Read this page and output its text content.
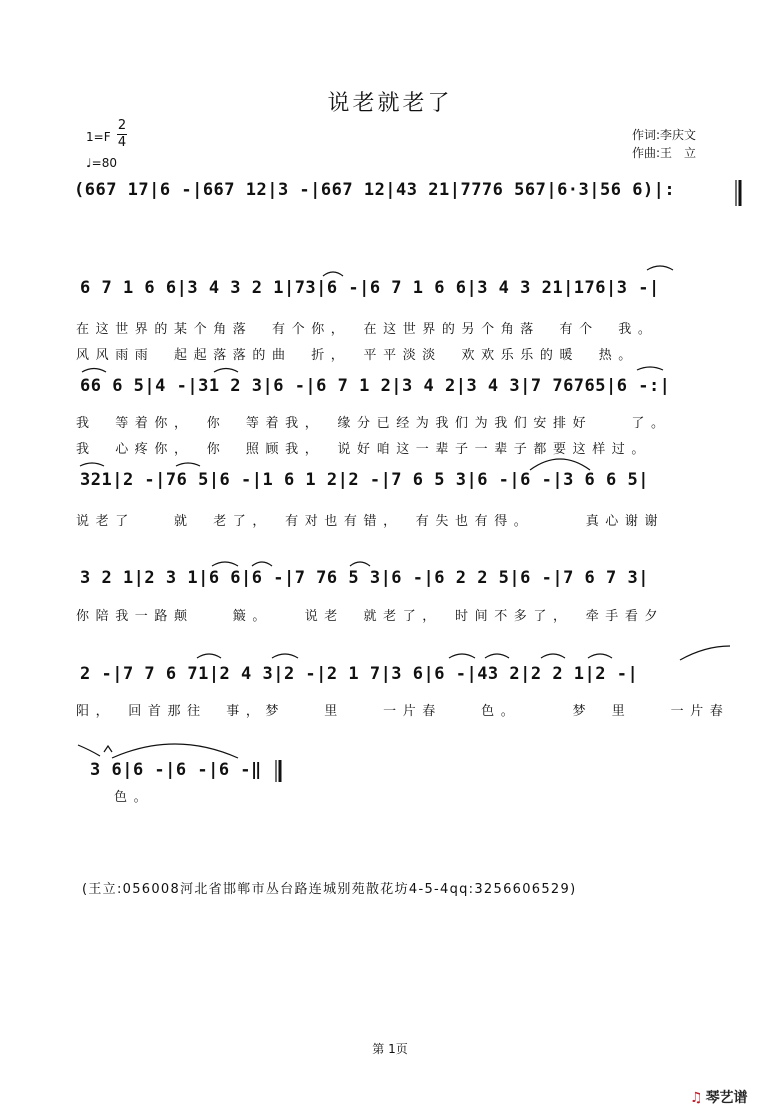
说老就老了
1=F
2
4
♩=80
作词:李庆文
作曲:王　立
(667 17|6 -|667 12|3 -|667 12|43 21|7776 567|6·3|56 6)|:
6 7 1 6 6|3 4 3 2 1|73|6 -|6 7 1 6 6|3 4 3 21|176|3 -|
在这世界的某个角落　有个你，　在这世界的另个角落　有个　我。
风风雨雨　起起落落的曲　折，　平平淡淡　欢欢乐乐的暖　热。
66 6 5|4 -|31 2 3|6 -|6 7 1 2|3 4 2|3 4 3|7 76765|6 -:|
我　等着你，　你　等着我，　缘分已经为我们为我们安排好　　了。
我　心疼你，　你　照顾我，　说好咱这一辈子一辈子都要这样过。
321|2 -|76 5|6 -|1 6 1 2|2 -|7 6 5 3|6 -|6 -|3 6 6 5|
说老了　　就　老了，　有对也有错，　有失也有得。　　　真心谢谢
3 2 1|2 3 1|6 6|6 -|7 76 5 3|6 -|6 2 2 5|6 -|7 6 7 3|
你陪我一路颠　　簸。　　说老　就老了，　时间不多了，　牵手看夕
2 -|7 7 6 71|2 4 3|2 -|2 1 7|3 6|6 -|43 2|2 2 1|2 -|
阳，　回首那往　事，梦　　里　　一片春　　色。　　　梦　里　　一片春
3 6|6 -|6 -|6 -‖
色。
(王立:056008河北省邯郸市丛台路连城别苑散花坊4-5-4qq:3256606529)
第 1页
♫ 琴艺谱
